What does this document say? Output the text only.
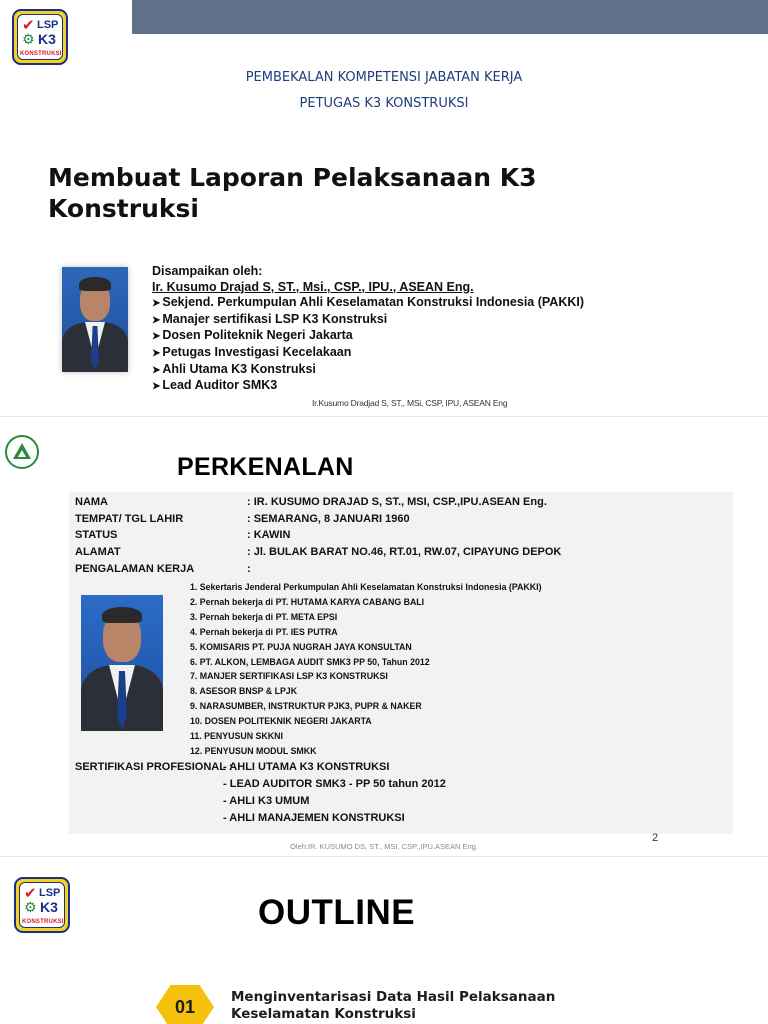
✔ LSP
⚙ K3
KONSTRUKSI
PEMBEKALAN KOMPETENSI JABATAN KERJA
PETUGAS K3 KONSTRUKSI
Membuat Laporan Pelaksanaan K3
Konstruksi
Disampaikan oleh:
Ir. Kusumo Drajad S, ST., Msi., CSP., IPU., ASEAN Eng.
➤ Sekjend. Perkumpulan Ahli Keselamatan Konstruksi Indonesia (PAKKI)
➤ Manajer sertifikasi LSP K3 Konstruksi
➤ Dosen Politeknik Negeri Jakarta
➤ Petugas Investigasi Kecelakaan
➤ Ahli Utama K3 Konstruksi
➤ Lead Auditor SMK3
Ir.Kusumo Dradjad S, ST., MSi, CSP, IPU, ASEAN Eng
PERKENALAN
NAMA	: IR. KUSUMO DRAJAD S, ST., MSI, CSP.,IPU.ASEAN Eng.
TEMPAT/ TGL LAHIR	: SEMARANG, 8 JANUARI 1960
STATUS	: KAWIN
ALAMAT	: Jl. BULAK BARAT NO.46, RT.01, RW.07, CIPAYUNG DEPOK
PENGALAMAN KERJA	:
1. Sekertaris Jenderal Perkumpulan Ahli Keselamatan Konstruksi Indonesia (PAKKI)
2. Pernah bekerja di PT. HUTAMA KARYA CABANG BALI
3. Pernah bekerja di PT. META EPSI
4. Pernah bekerja di PT. IES PUTRA
5. KOMISARIS PT. PUJA NUGRAH JAYA KONSULTAN
6. PT. ALKON, LEMBAGA AUDIT SMK3 PP 50, Tahun 2012
7. MANJER SERTIFIKASI LSP K3 KONSTRUKSI
8. ASESOR BNSP & LPJK
9. NARASUMBER, INSTRUKTUR PJK3, PUPR & NAKER
10. DOSEN POLITEKNIK NEGERI JAKARTA
11. PENYUSUN SKKNI
12. PENYUSUN MODUL SMKK
SERTIFIKASI PROFESIONAL :
- AHLI UTAMA K3 KONSTRUKSI
- LEAD AUDITOR SMK3 - PP 50 tahun 2012
- AHLI K3 UMUM
- AHLI MANAJEMEN KONSTRUKSI
2
Oleh:IR. KUSUMO DS, ST., MSI, CSP.,IPU.ASEAN Eng.
✔ LSP
⚙ K3
KONSTRUKSI	OUTLINE
01	Menginventarisasi Data Hasil Pelaksanaan
Keselamatan Konstruksi
